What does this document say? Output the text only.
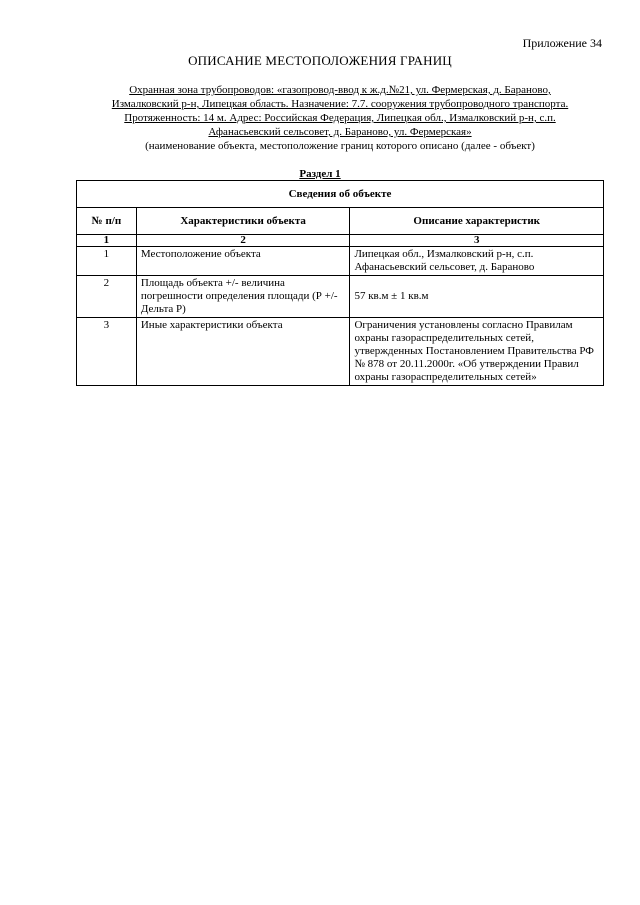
Приложение 34
ОПИСАНИЕ МЕСТОПОЛОЖЕНИЯ ГРАНИЦ
Охранная зона трубопроводов: «газопровод-ввод к ж.д.№21, ул. Фермерская, д. Бараново,
Измалковский р-н, Липецкая область. Назначение: 7.7. сооружения трубопроводного транспорта.
Протяженность: 14 м. Адрес: Российская Федерация, Липецкая обл., Измалковский р-н, с.п.
Афанасьевский сельсовет, д. Бараново, ул. Фермерская»
(наименование объекта, местоположение границ которого описано (далее - объект)
Раздел 1
Сведения об объекте		
№ п/п	Характеристики объекта	Описание характеристик
1	2	3
1	Местоположение объекта	Липецкая обл., Измалковский р-н, с.п. Афанасьевский сельсовет, д. Бараново
2	Площадь объекта +/- величина погрешности определения площади (Р +/- Дельта Р)	57 кв.м ± 1 кв.м
3	Иные характеристики объекта	Ограничения установлены согласно Правилам охраны газораспределительных сетей, утвержденных Постановлением Правительства РФ № 878 от 20.11.2000г. «Об утверждении Правил охраны газораспределительных сетей»
